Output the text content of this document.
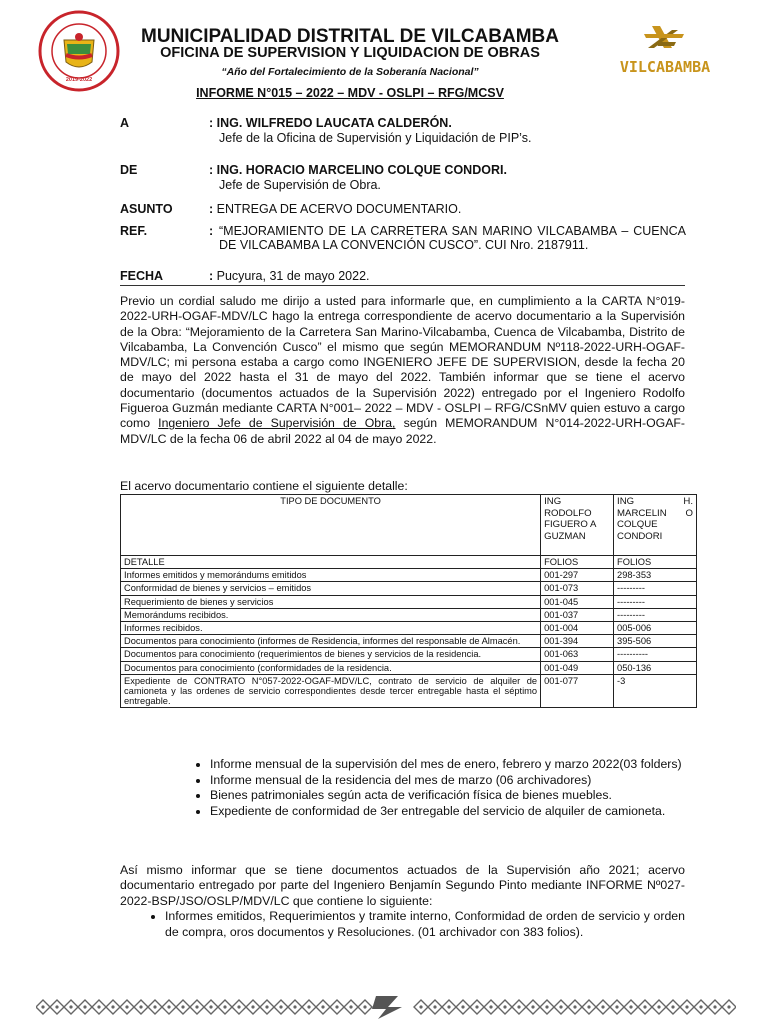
2019-2022
VILCABAMBA
MUNICIPALIDAD DISTRITAL DE VILCABAMBA
OFICINA DE SUPERVISION Y LIQUIDACION DE OBRAS
“Año del Fortalecimiento de la Soberanía Nacional”
INFORME N°015 – 2022 – MDV - OSLPI – RFG/MCSV
A	: ING. WILFREDO LAUCATA CALDERÓN.
Jefe de la Oficina de Supervisión y Liquidación de PIP’s.
DE	: ING. HORACIO MARCELINO COLQUE CONDORI.
Jefe de Supervisión de Obra.
ASUNTO	: ENTREGA DE ACERVO DOCUMENTARIO.
REF.	: “MEJORAMIENTO DE LA CARRETERA SAN MARINO VILCABAMBA – CUENCA DE VILCABAMBA LA CONVENCIÓN CUSCO”. CUI Nro. 2187911.
FECHA	: Pucyura, 31 de mayo 2022.
Previo un cordial saludo me dirijo a usted para informarle que, en cumplimiento a la CARTA N°019-2022-URH-OGAF-MDV/LC hago la entrega correspondiente de acervo documentario a la Supervisión de la Obra: “Mejoramiento de la Carretera San Marino-Vilcabamba, Cuenca de Vilcabamba, Distrito de Vilcabamba, La Convención Cusco” el mismo que según MEMORANDUM Nº118-2022-URH-OGAF-MDV/LC; mi persona estaba a cargo como INGENIERO JEFE DE SUPERVISION, desde la fecha 20 de mayo del 2022 hasta el 31 de mayo del 2022. También informar que se tiene el acervo documentario (documentos actuados de la Supervisión 2022) entregado por el Ingeniero Rodolfo Figueroa Guzmán mediante CARTA N°001– 2022 – MDV - OSLPI – RFG/CSnMV quien estuvo a cargo como Ingeniero Jefe de Supervisión de Obra, según MEMORANDUM N°014-2022-URH-OGAF-MDV/LC de la fecha 06 de abril 2022 al 04 de mayo 2022.
El acervo documentario contiene el siguiente detalle:
TIPO DE DOCUMENTO	ING RODOLFO FIGUERO A GUZMAN	ING H. MARCELIN O COLQUE CONDORI
DETALLE	FOLIOS	FOLIOS
Informes emitidos y memorándums emitidos	001-297	298-353
Conformidad de bienes y servicios – emitidos	001-073	---------
Requerimiento de bienes y servicios	001-045	---------
Memorándums recibidos.	001-037	---------
Informes recibidos.	001-004	005-006
Documentos para conocimiento (informes de Residencia, informes del responsable de Almacén.	001-394	395-506
Documentos para conocimiento (requerimientos de bienes y servicios de la residencia.	001-063	----------
Documentos para conocimiento (conformidades de la residencia.	001-049	050-136
Expediente de CONTRATO N°057-2022-OGAF-MDV/LC, contrato de servicio de alquiler de camioneta y las ordenes de servicio correspondientes desde tercer entregable hasta el séptimo entregable.	001-077	-3
• Informe mensual de la supervisión del mes de enero, febrero y marzo 2022(03 folders)
• Informe mensual de la residencia del mes de marzo (06 archivadores)
• Bienes patrimoniales según acta de verificación física de bienes muebles.
• Expediente de conformidad de 3er entregable del servicio de alquiler de camioneta.
Así mismo informar que se tiene documentos actuados de la Supervisión año 2021; acervo documentario entregado por parte del Ingeniero Benjamín Segundo Pinto mediante INFORME Nº027-2022-BSP/JSO/OSLP/MDV/LC que contiene lo siguiente:
• Informes emitidos, Requerimientos y tramite interno, Conformidad de orden de servicio y orden de compra, oros documentos y Resoluciones. (01 archivador con 383 folios).
